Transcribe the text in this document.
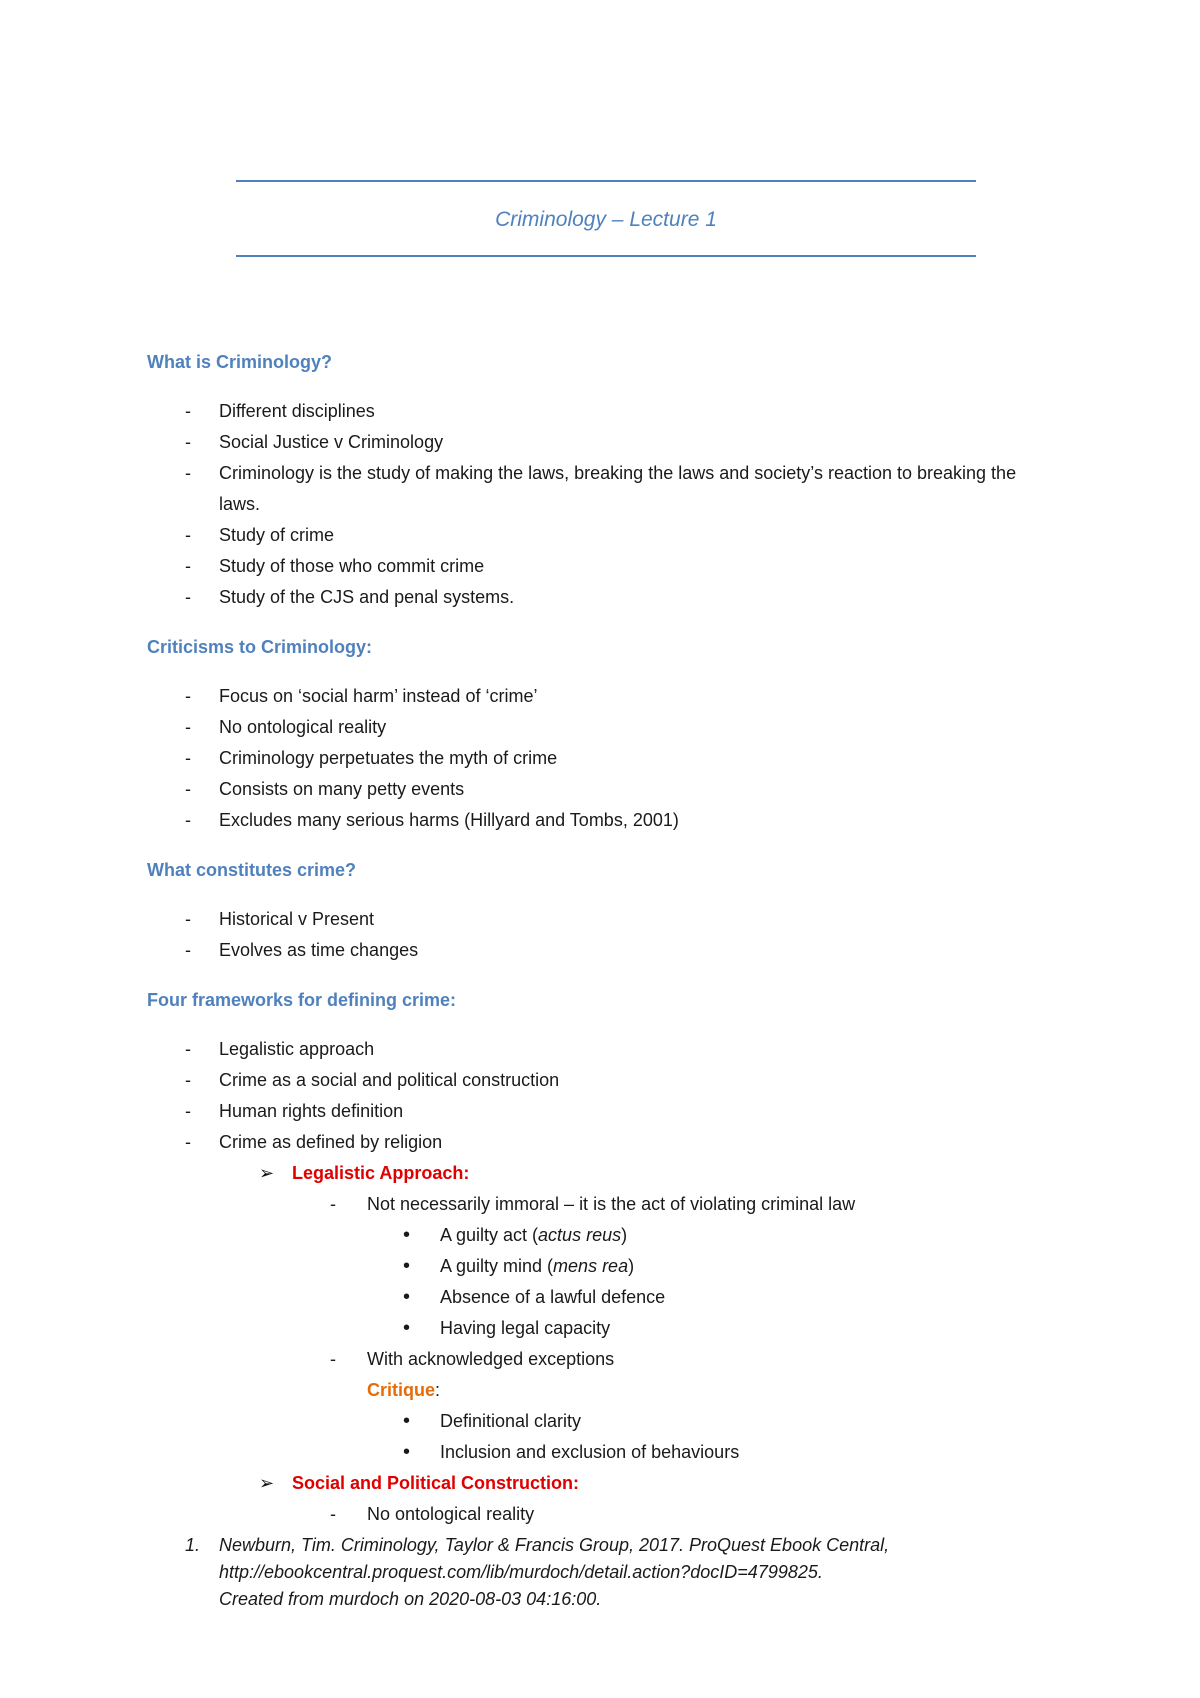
Criminology – Lecture 1
What is Criminology?
- Different disciplines
- Social Justice v Criminology
- Criminology is the study of making the laws, breaking the laws and society’s reaction to breaking the laws.
- Study of crime
- Study of those who commit crime
- Study of the CJS and penal systems.
Criticisms to Criminology:
- Focus on ‘social harm’ instead of ‘crime’
- No ontological reality
- Criminology perpetuates the myth of crime
- Consists on many petty events
- Excludes many serious harms (Hillyard and Tombs, 2001)
What constitutes crime?
- Historical v Present
- Evolves as time changes
Four frameworks for defining crime:
- Legalistic approach
- Crime as a social and political construction
- Human rights definition
- Crime as defined by religion
➢ Legalistic Approach:
- Not necessarily immoral – it is the act of violating criminal law
• A guilty act (actus reus)
• A guilty mind (mens rea)
• Absence of a lawful defence
• Having legal capacity
- With acknowledged exceptions
Critique:
• Definitional clarity
• Inclusion and exclusion of behaviours
➢ Social and Political Construction:
- No ontological reality
1. Newburn, Tim. Criminology, Taylor & Francis Group, 2017. ProQuest Ebook Central,
http://ebookcentral.proquest.com/lib/murdoch/detail.action?docID=4799825.
Created from murdoch on 2020-08-03 04:16:00.
